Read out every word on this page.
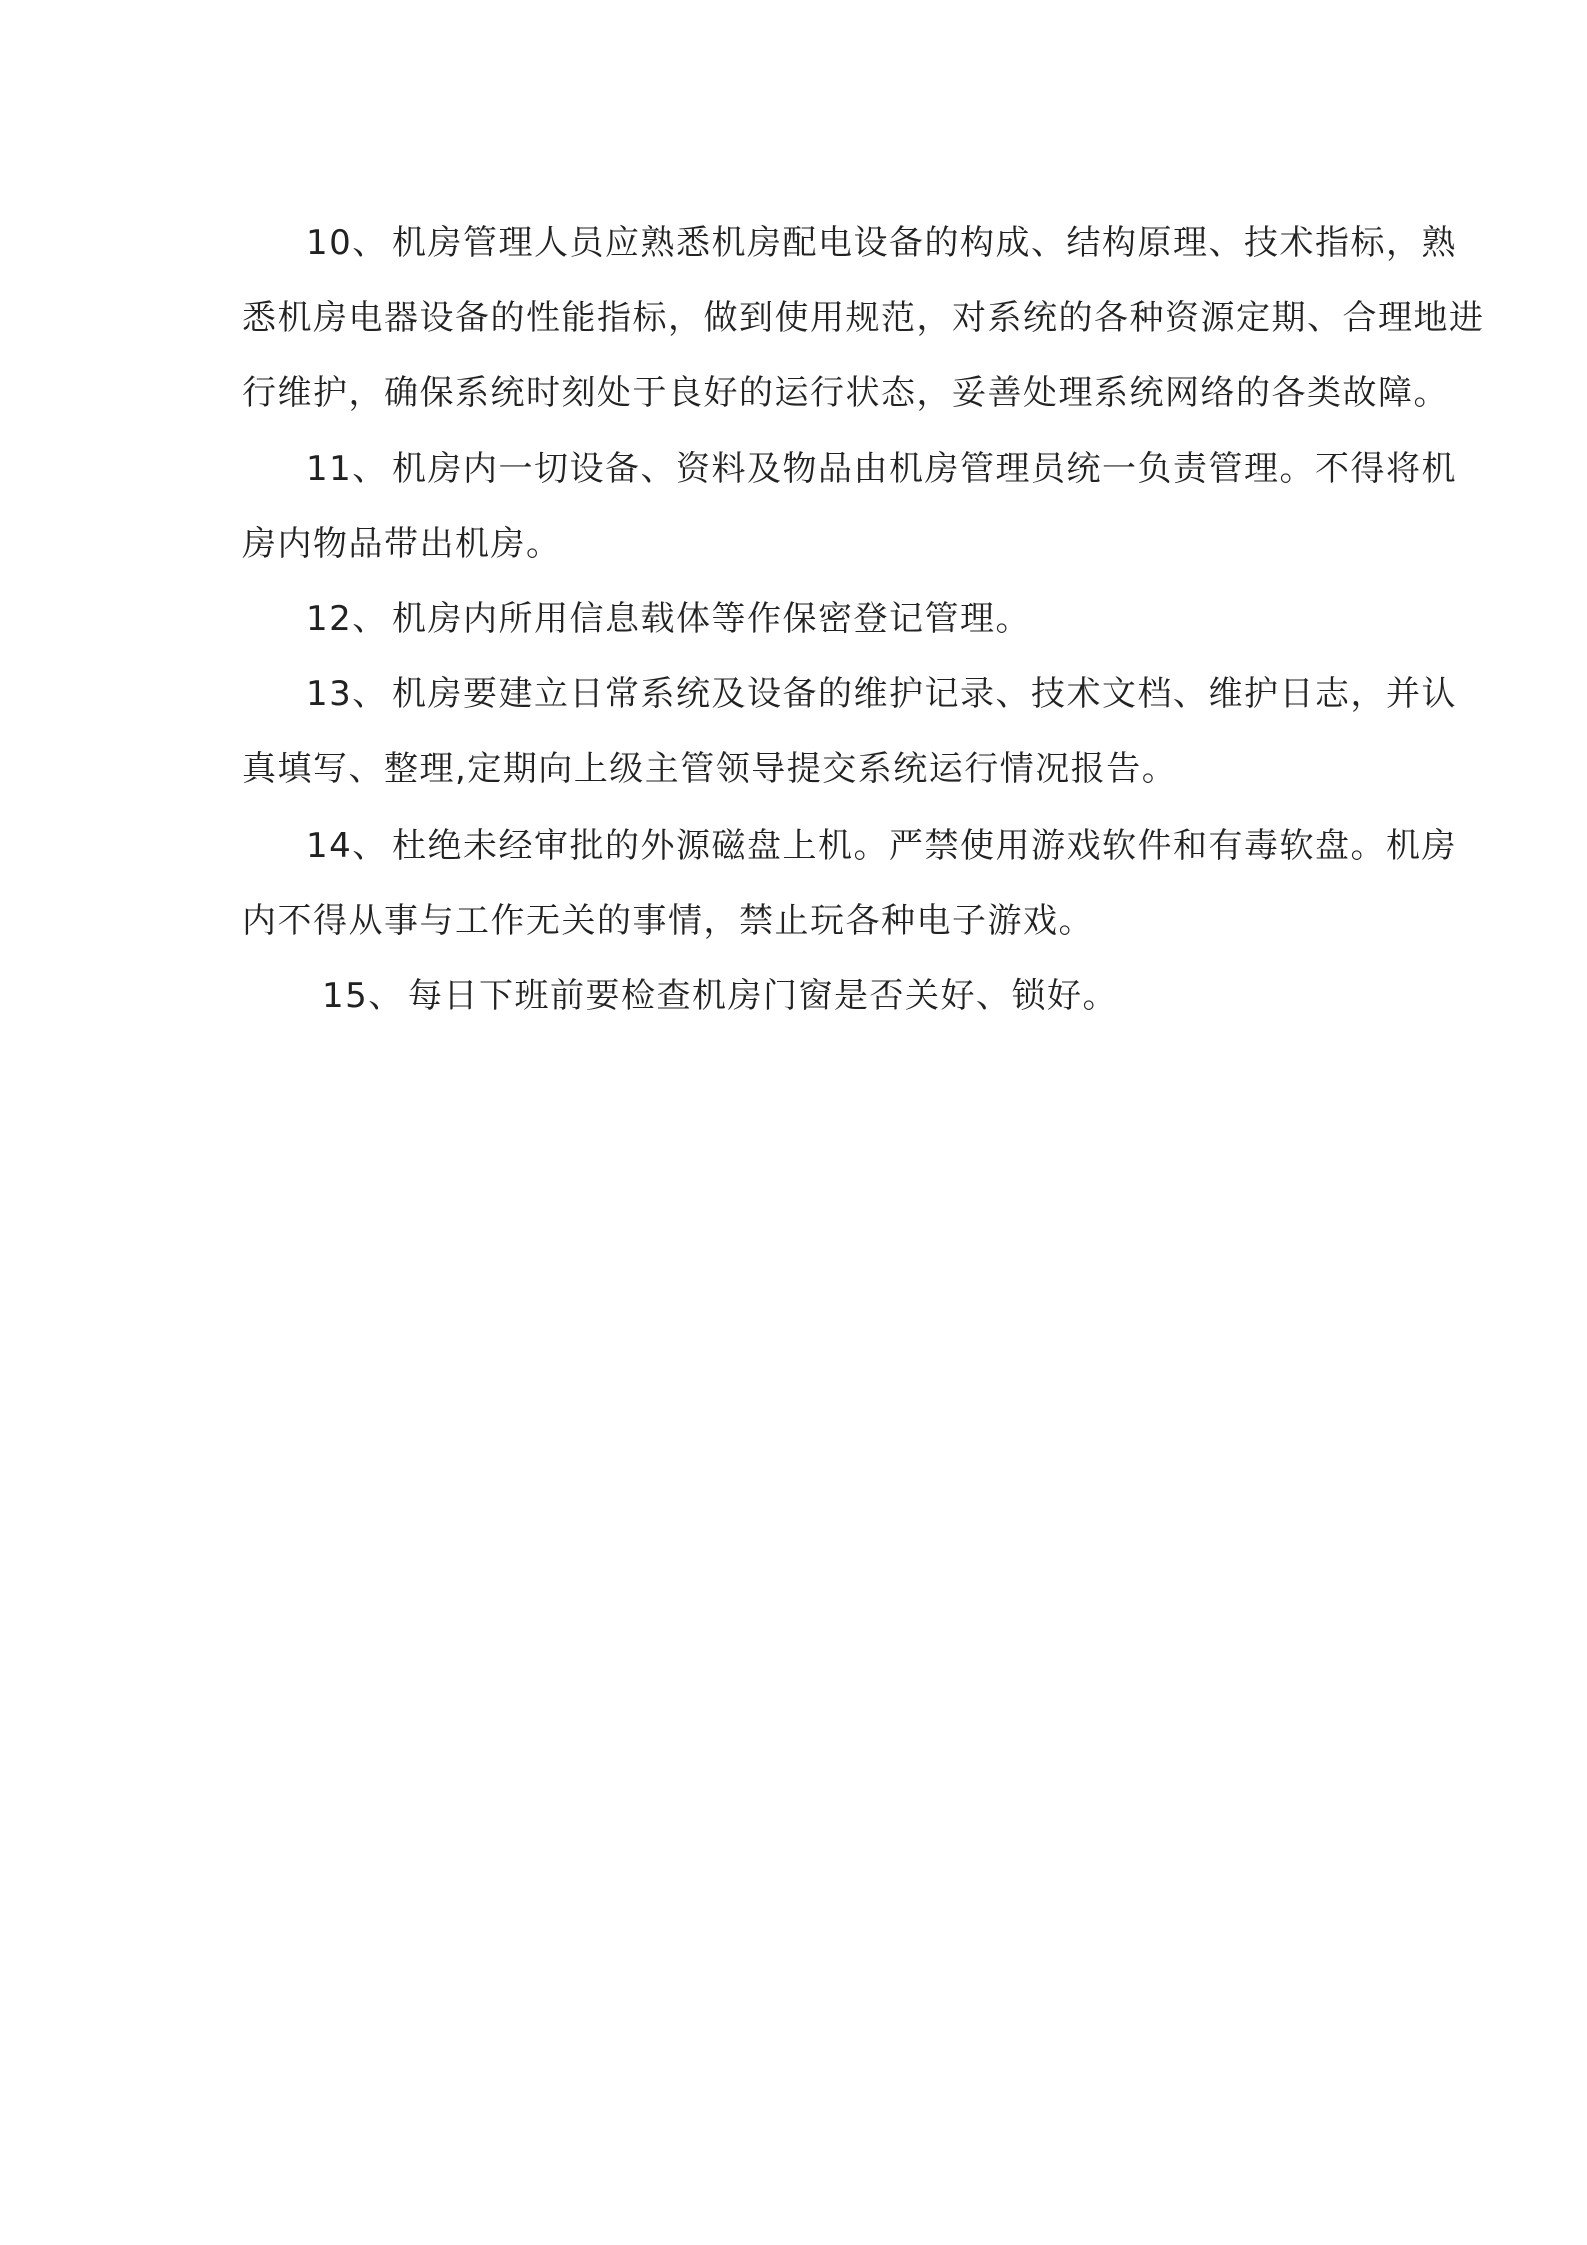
10、 机房管理人员应熟悉机房配电设备的构成、结构原理、技术指标，熟
悉机房电器设备的性能指标，做到使用规范，对系统的各种资源定期、合理地进
行维护，确保系统时刻处于良好的运行状态，妥善处理系统网络的各类故障。
11、 机房内一切设备、资料及物品由机房管理员统一负责管理。不得将机
房内物品带出机房。
12、 机房内所用信息载体等作保密登记管理。
13、 机房要建立日常系统及设备的维护记录、技术文档、维护日志，并认
真填写、整理,定期向上级主管领导提交系统运行情况报告。
14、 杜绝未经审批的外源磁盘上机。严禁使用游戏软件和有毒软盘。机房
内不得从事与工作无关的事情，禁止玩各种电子游戏。
15、 每日下班前要检查机房门窗是否关好、锁好。
